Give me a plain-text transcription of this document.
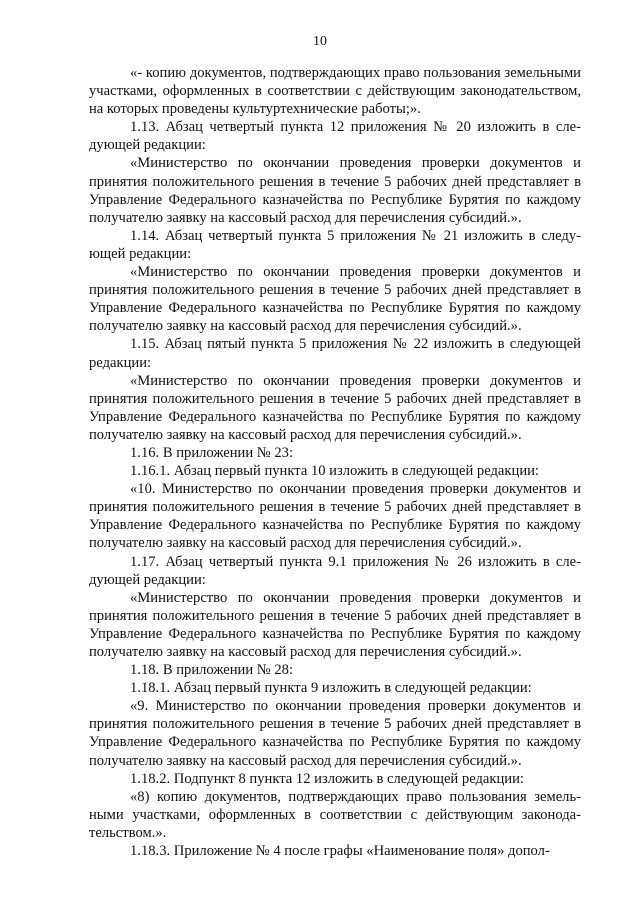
10

«- копию документов, подтверждающих право пользования земельными участками, оформленных в соответствии с действующим законодательством, на которых проведены культуртехнические работы;».

1.13. Абзац четвертый пункта 12 приложения № 20 изложить в следующей редакции:

«Министерство по окончании проведения проверки документов и принятия положительного решения в течение 5 рабочих дней представляет в Управление Федерального казначейства по Республике Бурятия по каждому получателю заявку на кассовый расход для перечисления субсидий.».

1.14. Абзац четвертый пункта 5 приложения № 21 изложить в следующей редакции:

«Министерство по окончании проведения проверки документов и принятия положительного решения в течение 5 рабочих дней представляет в Управление Федерального казначейства по Республике Бурятия по каждому получателю заявку на кассовый расход для перечисления субсидий.».

1.15. Абзац пятый пункта 5 приложения № 22 изложить в следующей редакции:

«Министерство по окончании проведения проверки документов и принятия положительного решения в течение 5 рабочих дней представляет в Управление Федерального казначейства по Республике Бурятия по каждому получателю заявку на кассовый расход для перечисления субсидий.».

1.16. В приложении № 23:

1.16.1. Абзац первый пункта 10 изложить в следующей редакции:

«10. Министерство по окончании проведения проверки документов и принятия положительного решения в течение 5 рабочих дней представляет в Управление Федерального казначейства по Республике Бурятия по каждому получателю заявку на кассовый расход для перечисления субсидий.».

1.17. Абзац четвертый пункта 9.1 приложения № 26 изложить в следующей редакции:

«Министерство по окончании проведения проверки документов и принятия положительного решения в течение 5 рабочих дней представляет в Управление Федерального казначейства по Республике Бурятия по каждому получателю заявку на кассовый расход для перечисления субсидий.».

1.18. В приложении № 28:

1.18.1. Абзац первый пункта 9 изложить в следующей редакции:

«9. Министерство по окончании проведения проверки документов и принятия положительного решения в течение 5 рабочих дней представляет в Управление Федерального казначейства по Республике Бурятия по каждому получателю заявку на кассовый расход для перечисления субсидий.».

1.18.2. Подпункт 8 пункта 12 изложить в следующей редакции:

«8) копию документов, подтверждающих право пользования земельными участками, оформленных в соответствии с действующим законодательством.».

1.18.3. Приложение № 4 после графы «Наименование поля» допол-
